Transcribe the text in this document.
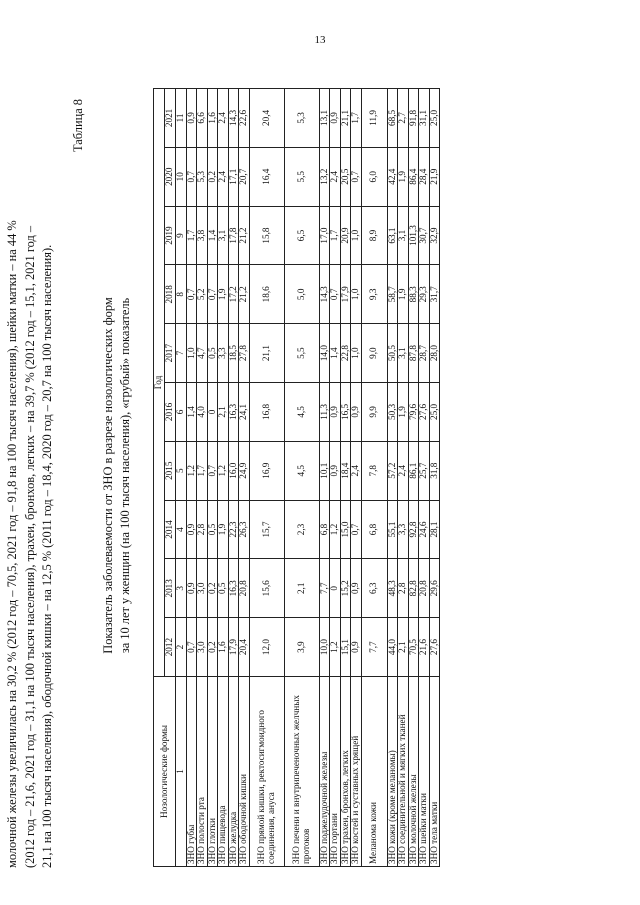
13
молочной железы увеличилась на 30,2 % (2012 год – 70,5, 2021 год – 91,8 на 100 тысяч населения), шейки матки – на 44 % (2012 год – 21,6, 2021 год – 31,1 на 100 тысяч населения), трахеи, бронхов, легких – на 39,7 % (2012 год – 15,1, 2021 год – 21,1 на 100 тысяч населения), ободочной кишки – на 12,5 % (2011 год – 18,4, 2020 год – 20,7 на 100 тысяч населения).
Таблица 8
Показатель заболеваемости от ЗНО в разрезе нозологических форм за 10 лет у женщин (на 100 тысяч населения), «грубый» показатель
Нозологические формы	Год									
	2012	2013	2014	2015	2016	2017	2018	2019	2020	2021
1	2	3	4	5	6	7	8	9	10	11
ЗНО губы	0,7	0,9	0,9	1,2	1,4	1,0	0,7	1,7	0,7	0,9
ЗНО полости рта	3,0	3,0	2,8	1,7	4,0	4,7	5,2	3,8	5,3	6,6
ЗНО глотки	0,2	0,2	0,5	0,7	0	0,5	0,7	1,4	0,2	1,6
ЗНО пищевода	1,6	0,5	1,9	1,2	2,1	3,3	1,9	3,1	2,4	2,4
ЗНО желудка	17,9	16,3	22,3	16,0	16,3	18,5	17,2	17,8	17,1	14,3
ЗНО ободочной кишки	20,4	20,8	26,3	24,9	24,1	27,8	21,2	21,2	20,7	22,6
ЗНО прямой кишки, ректосигмоидного соединения, ануса	12,0	15,6	15,7	16,9	16,8	21,1	18,6	15,8	16,4	20,4
ЗНО печени и внутрипеченочных желчных протоков	3,9	2,1	2,3	4,5	4,5	5,5	5,0	6,5	5,5	5,3
ЗНО поджелудочной железы	10,0	7,7	6,8	10,1	11,3	14,0	14,3	17,0	13,2	13,1
ЗНО гортани	1,2	0	1,2	0,9	0,9	1,4	0,7	1,7	2,4	0,9
ЗНО трахеи, бронхов, легких	15,1	15,2	15,0	18,4	16,5	22,8	17,9	20,9	20,5	21,1
ЗНО костей и суставных хрящей	0,9	0,9	0,7	2,4	0,9	1,0	1,0	1,0	0,7	1,7
Меланома кожи	7,7	6,3	6,8	7,8	9,9	9,0	9,3	8,9	6,0	11,9
ЗНО кожи (кроме меланомы)	44,0	48,3	55,1	57,2	50,3	50,5	58,7	63,1	42,4	68,5
ЗНО соединительной и мягких тканей	2,1	2,8	3,3	2,4	1,9	3,1	1,9	3,1	1,9	2,7
ЗНО молочной железы	70,5	82,8	92,8	86,1	79,6	87,8	88,3	101,3	86,4	91,8
ЗНО шейки матки	21,6	20,8	24,6	25,7	27,6	28,7	29,3	30,7	28,4	31,1
ЗНО тела матки	27,6	29,6	28,1	31,8	25,0	28,0	31,7	32,9	21,9	25,0
